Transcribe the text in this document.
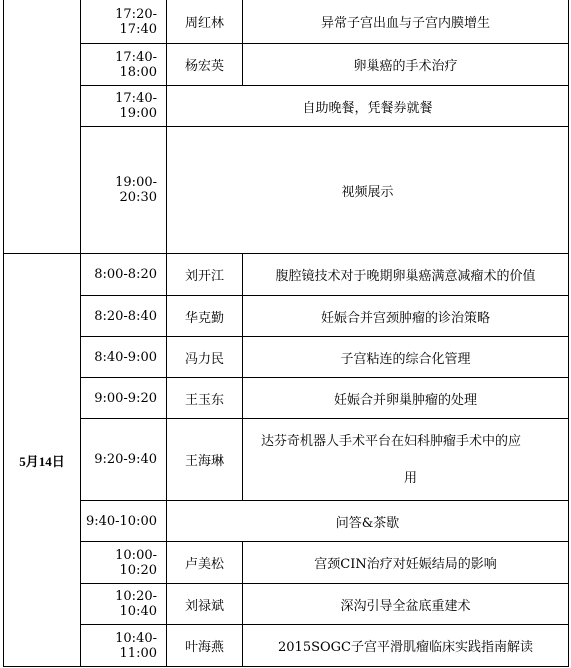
	17:20-17:40	周红林	异常子宫出血与子宫内膜增生
	17:40-18:00	杨宏英	卵巢癌的手术治疗
	17:40-19:00	自助晚餐，凭餐券就餐	
	19:00-20:30	视频展示	
5月14日	8:00-8:20	刘开江	腹腔镜技术对于晚期卵巢癌满意减瘤术的价值
	8:20-8:40	华克勤	妊娠合并宫颈肿瘤的诊治策略
	8:40-9:00	冯力民	子宫粘连的综合化管理
	9:00-9:20	王玉东	妊娠合并卵巢肿瘤的处理
	9:20-9:40	王海琳	达芬奇机器人手术平台在妇科肿瘤手术中的应
用

	9:40-10:00	问答&茶歇	
	10:00-10:20	卢美松	宫颈CIN治疗对妊娠结局的影响
	10:20-10:40	刘禄斌	深沟引导全盆底重建术
	10:40-11:00	叶海燕	2015SOGC子宫平滑肌瘤临床实践指南解读
